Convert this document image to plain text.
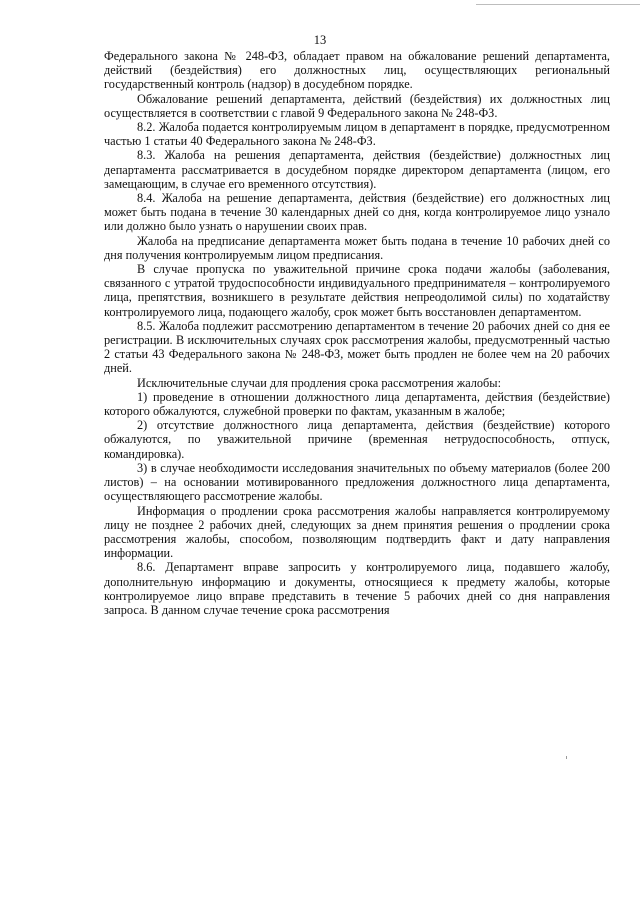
13

Федерального закона № 248-ФЗ, обладает правом на обжалование решений департамента, действий (бездействия) его должностных лиц, осуществляющих региональный государственный контроль (надзор) в досудебном порядке.

Обжалование решений департамента, действий (бездействия) их должностных лиц осуществляется в соответствии с главой 9 Федерального закона № 248-ФЗ.

8.2. Жалоба подается контролируемым лицом в департамент в порядке, предусмотренном частью 1 статьи 40 Федерального закона № 248-ФЗ.

8.3. Жалоба на решения департамента, действия (бездействие) должностных лиц департамента рассматривается в досудебном порядке директором департамента (лицом, его замещающим, в случае его временного отсутствия).

8.4. Жалоба на решение департамента, действия (бездействие) его должностных лиц может быть подана в течение 30 календарных дней со дня, когда контролируемое лицо узнало или должно было узнать о нарушении своих прав.

Жалоба на предписание департамента может быть подана в течение 10 рабочих дней со дня получения контролируемым лицом предписания.

В случае пропуска по уважительной причине срока подачи жалобы (заболевания, связанного с утратой трудоспособности индивидуального предпринимателя – контролируемого лица, препятствия, возникшего в результате действия непреодолимой силы) по ходатайству контролируемого лица, подающего жалобу, срок может быть восстановлен департаментом.

8.5. Жалоба подлежит рассмотрению департаментом в течение 20 рабочих дней со дня ее регистрации. В исключительных случаях срок рассмотрения жалобы, предусмотренный частью 2 статьи 43 Федерального закона № 248-ФЗ, может быть продлен не более чем на 20 рабочих дней.

Исключительные случаи для продления срока рассмотрения жалобы:

1) проведение в отношении должностного лица департамента, действия (бездействие) которого обжалуются, служебной проверки по фактам, указанным в жалобе;

2) отсутствие должностного лица департамента, действия (бездействие) которого обжалуются, по уважительной причине (временная нетрудоспособность, отпуск, командировка).

3) в случае необходимости исследования значительных по объему материалов (более 200 листов) – на основании мотивированного предложения должностного лица департамента, осуществляющего рассмотрение жалобы.

Информация о продлении срока рассмотрения жалобы направляется контролируемому лицу не позднее 2 рабочих дней, следующих за днем принятия решения о продлении срока рассмотрения жалобы, способом, позволяющим подтвердить факт и дату направления информации.

8.6. Департамент вправе запросить у контролируемого лица, подавшего жалобу, дополнительную информацию и документы, относящиеся к предмету жалобы, которые контролируемое лицо вправе представить в течение 5 рабочих дней со дня направления запроса. В данном случае течение срока рассмотрения
